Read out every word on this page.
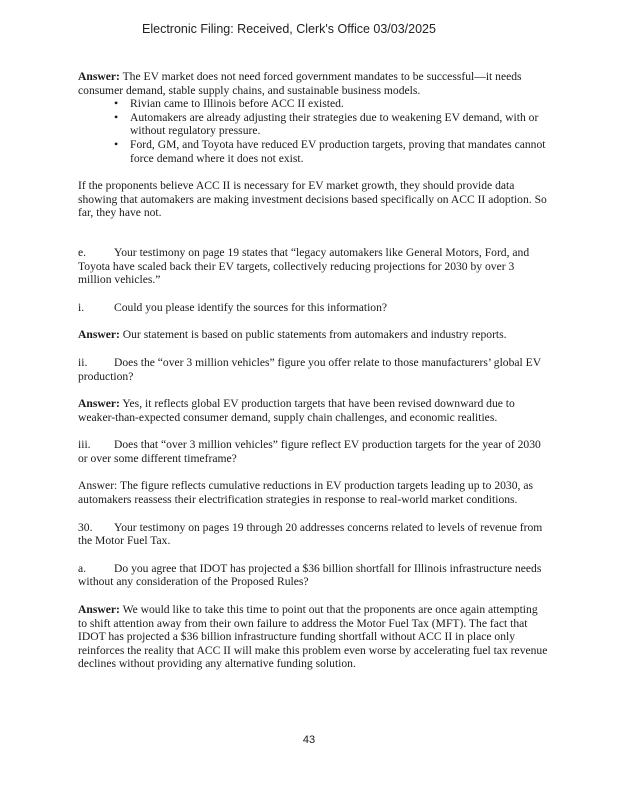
Electronic Filing: Received, Clerk's Office 03/03/2025

Answer: The EV market does not need forced government mandates to be successful—it needs consumer demand, stable supply chains, and sustainable business models.

• Rivian came to Illinois before ACC II existed.
• Automakers are already adjusting their strategies due to weakening EV demand, with or without regulatory pressure.
• Ford, GM, and Toyota have reduced EV production targets, proving that mandates cannot force demand where it does not exist.

If the proponents believe ACC II is necessary for EV market growth, they should provide data showing that automakers are making investment decisions based specifically on ACC II adoption. So far, they have not.

e. Your testimony on page 19 states that “legacy automakers like General Motors, Ford, and Toyota have scaled back their EV targets, collectively reducing projections for 2030 by over 3 million vehicles.”

i.	Could you please identify the sources for this information?

Answer: Our statement is based on public statements from automakers and industry reports.

ii. Does the “over 3 million vehicles” figure you offer relate to those manufacturers’ global EV production?

Answer: Yes, it reflects global EV production targets that have been revised downward due to weaker-than-expected consumer demand, supply chain challenges, and economic realities.

iii. Does that “over 3 million vehicles” figure reflect EV production targets for the year of 2030 or over some different timeframe?

Answer: The figure reflects cumulative reductions in EV production targets leading up to 2030, as automakers reassess their electrification strategies in response to real-world market conditions.

30. Your testimony on pages 19 through 20 addresses concerns related to levels of revenue from the Motor Fuel Tax.

a. Do you agree that IDOT has projected a $36 billion shortfall for Illinois infrastructure needs without any consideration of the Proposed Rules?

Answer: We would like to take this time to point out that the proponents are once again attempting to shift attention away from their own failure to address the Motor Fuel Tax (MFT). The fact that IDOT has projected a $36 billion infrastructure funding shortfall without ACC II in place only reinforces the reality that ACC II will make this problem even worse by accelerating fuel tax revenue declines without providing any alternative funding solution.

43
